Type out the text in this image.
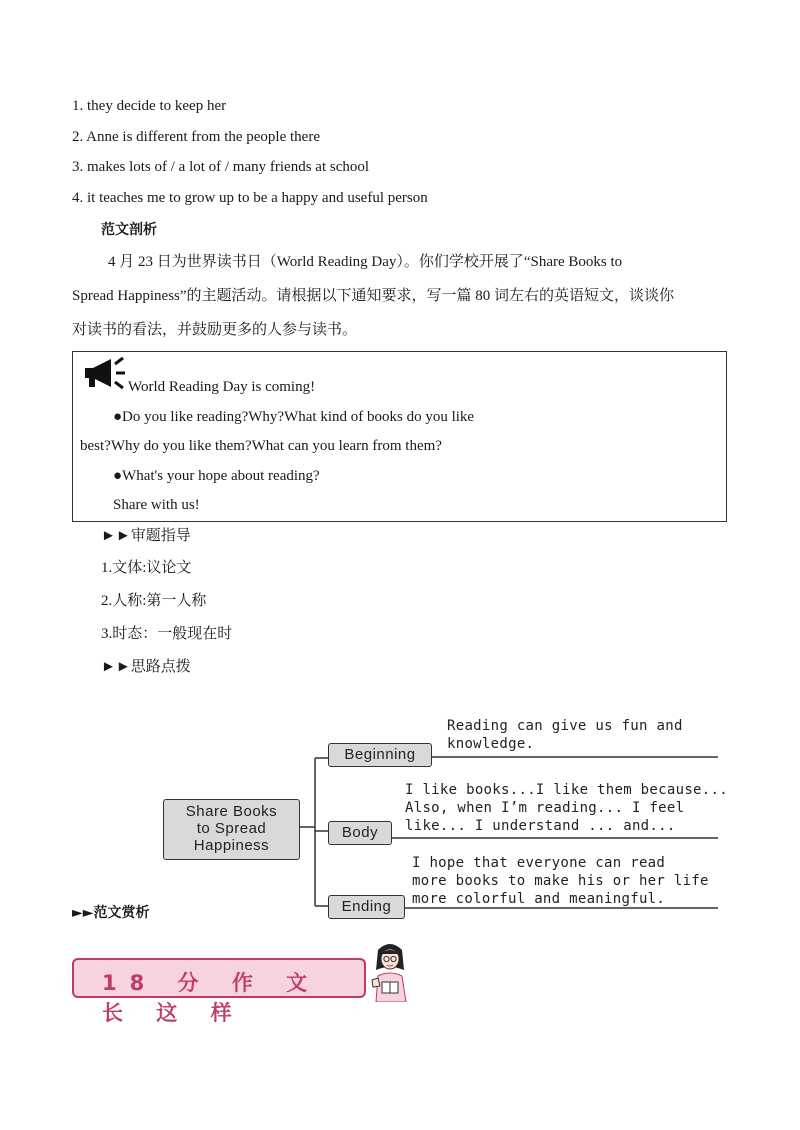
1. they decide to keep her
2. Anne is different from the people there
3. makes lots of / a lot of / many friends at school
4. it teaches me to grow up to be a happy and useful person
范文剖析
4 月 23 日为世界读书日（World Reading Day）。你们学校开展了“Share Books to
Spread Happiness”的主题活动。请根据以下通知要求，写一篇 80 词左右的英语短文，谈谈你
对读书的看法，并鼓励更多的人参与读书。
World Reading Day is coming!
●Do you like reading?Why?What kind of books do you like
best?Why do you like them?What can you learn from them?
●What's your hope about reading?
Share with us!
►►审题指导
1.文体:议论文
2.人称:第一人称
3.时态：一般现在时
►►思路点拨
Share Books
to Spread
Happiness
Beginning
Body
Ending
Reading can give us fun and
knowledge.
I like books...I like them because...
Also, when I’m reading... I feel
like... I understand ... and...
I hope that everyone can read
more books to make his or her life
more colorful and meaningful.
►►范文赏析
18 分 作 文 长 这 样
